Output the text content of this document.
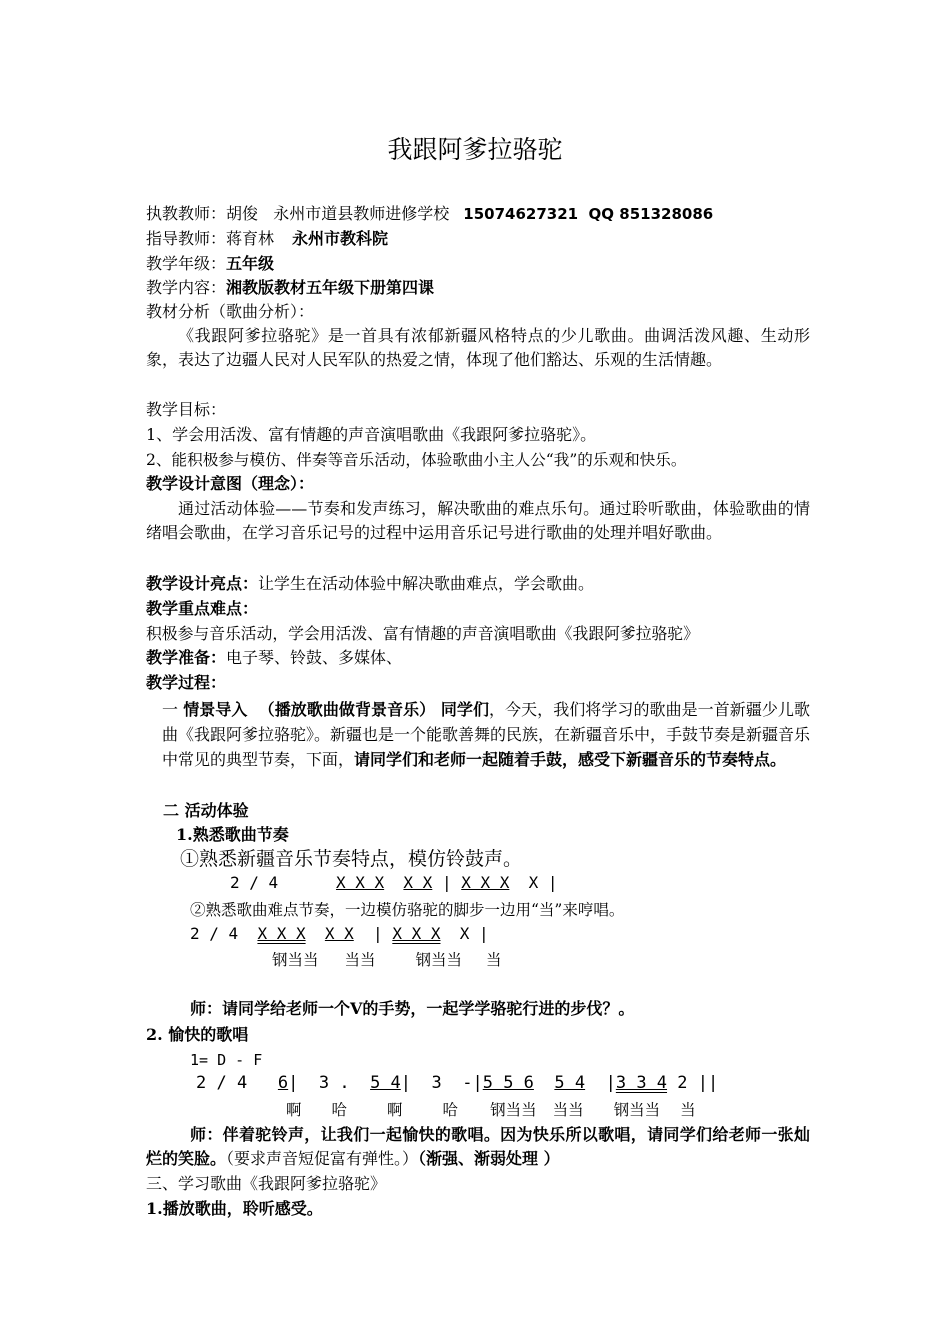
我跟阿爹拉骆驼
执教教师：胡俊   永州市道县教师进修学校 15074627321  QQ 851328086
指导教师：蒋育林 永州市教科院
教学年级：五年级
教学内容：湘教版教材五年级下册第四课
教材分析（歌曲分析）：
《我跟阿爹拉骆驼》是一首具有浓郁新疆风格特点的少儿歌曲。曲调活泼风趣、生动形象，表达了边疆人民对人民军队的热爱之情，体现了他们豁达、乐观的生活情趣。
教学目标：
1、学会用活泼、富有情趣的声音演唱歌曲《我跟阿爹拉骆驼》。
2、能积极参与模仿、伴奏等音乐活动，体验歌曲小主人公“我”的乐观和快乐。
教学设计意图（理念）：
通过活动体验——节奏和发声练习，解决歌曲的难点乐句。通过聆听歌曲，体验歌曲的情绪唱会歌曲，在学习音乐记号的过程中运用音乐记号进行歌曲的处理并唱好歌曲。
教学设计亮点：让学生在活动体验中解决歌曲难点，学会歌曲。
教学重点难点：
积极参与音乐活动，学会用活泼、富有情趣的声音演唱歌曲《我跟阿爹拉骆驼》
教学准备：电子琴、铃鼓、多媒体、
教学过程：
一 情景导入  （播放歌曲做背景音乐） 同学们，今天，我们将学习的歌曲是一首新疆少儿歌曲《我跟阿爹拉骆驼》。新疆也是一个能歌善舞的民族，在新疆音乐中，手鼓节奏是新疆音乐中常见的典型节奏，下面，请同学们和老师一起随着手鼓，感受下新疆音乐的节奏特点。
二 活动体验
1.熟悉歌曲节奏
①熟悉新疆音乐节奏特点，模仿铃鼓声。
2 / 4	X X X X X | X X X X |
②熟悉歌曲难点节奏，一边模仿骆驼的脚步一边用“当”来哼唱。
2 / 4 X X X X X  | X X X X |
钢当当 当当	钢当当 当
师：请同学给老师一个V的手势，一起学学骆驼行进的步伐？。
2. 愉快的歌唱
1= D - F
2 / 4 6|  3 . 5 4|  3  -|5 5 6 5 4 |3 3 4 2 ||
啊 哈	啊	哈 钢当当 当当 钢当当 当
师：伴着驼铃声，让我们一起愉快的歌唱。因为快乐所以歌唱，请同学们给老师一张灿烂的笑脸。（要求声音短促富有弹性。）（渐强、渐弱处理 ）
三、学习歌曲《我跟阿爹拉骆驼》
1.播放歌曲，聆听感受。
